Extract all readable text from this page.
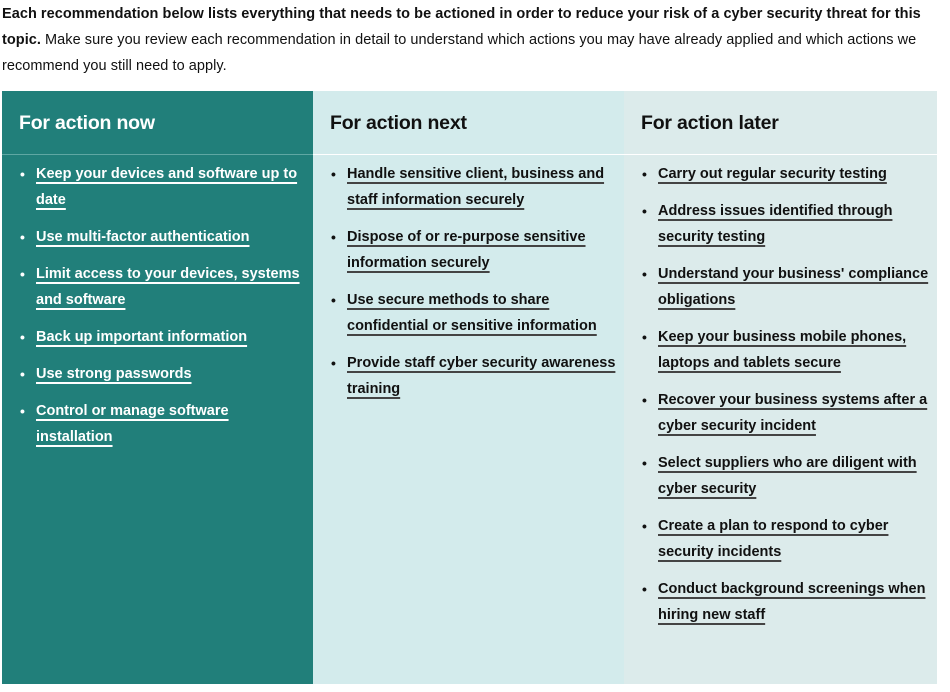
Each recommendation below lists everything that needs to be actioned in order to reduce your risk of a cyber security threat for this topic. Make sure you review each recommendation in detail to understand which actions you may have already applied and which actions we recommend you still need to apply.
For action now
• Keep your devices and software up to date
• Use multi-factor authentication
• Limit access to your devices, systems and software
• Back up important information
• Use strong passwords
• Control or manage software installation
For action next
• Handle sensitive client, business and staff information securely
• Dispose of or re-purpose sensitive information securely
• Use secure methods to share confidential or sensitive information
• Provide staff cyber security awareness training
For action later
• Carry out regular security testing
• Address issues identified through security testing
• Understand your business' compliance obligations
• Keep your business mobile phones, laptops and tablets secure
• Recover your business systems after a cyber security incident
• Select suppliers who are diligent with cyber security
• Create a plan to respond to cyber security incidents
• Conduct background screenings when hiring new staff
